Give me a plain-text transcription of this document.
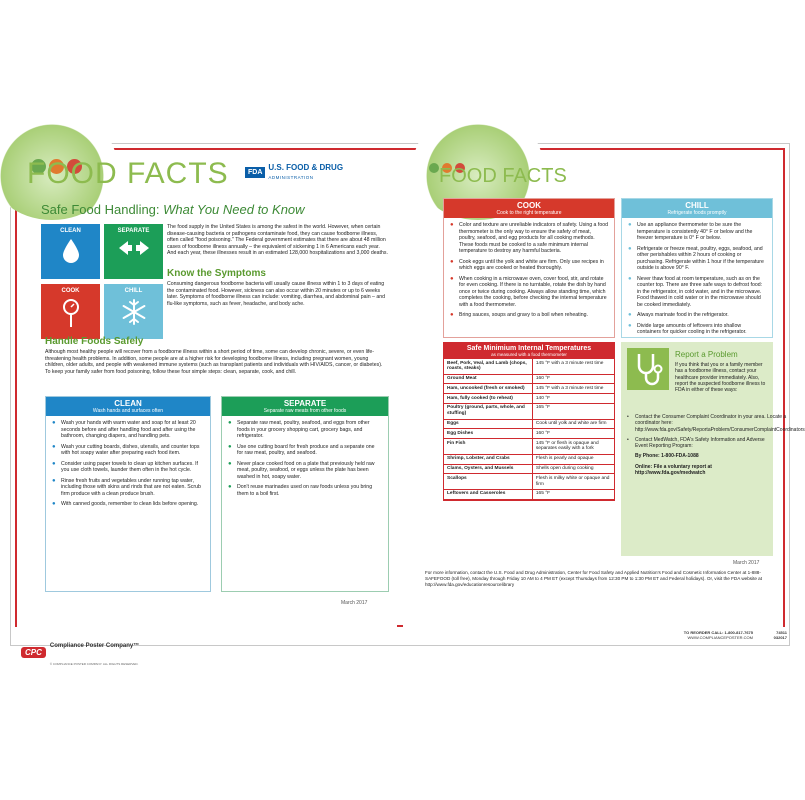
FOOD FACTS	FDA
U.S. FOOD & DRUG
ADMINISTRATION
Safe Food Handling: What You Need to Know
CLEAN	SEPARATE
COOK	CHILL
The food supply in the United States is among the safest in the world. However, when certain disease-causing bacteria or pathogens contaminate food, they can cause foodborne illness, often called "food poisoning." The Federal government estimates that there are about 48 million cases of foodborne illness annually – the equivalent of sickening 1 in 6 Americans each year. And each year, these illnesses result in an estimated 128,000 hospitalizations and 3,000 deaths.
Know the Symptoms
Consuming dangerous foodborne bacteria will usually cause illness within 1 to 3 days of eating the contaminated food. However, sickness can also occur within 20 minutes or up to 6 weeks later. Symptoms of foodborne illness can include: vomiting, diarrhea, and abdominal pain – and flu-like symptoms, such as fever, headache, and body ache.
Handle Foods Safely
Although most healthy people will recover from a foodborne illness within a short period of time, some can develop chronic, severe, or even life-threatening health problems. In addition, some people are at a higher risk for developing foodborne illness, including pregnant women, young children, older adults, and people with weakened immune systems (such as transplant patients and individuals with HIV/AIDS, cancer, or diabetes). To keep your family safer from food poisoning, follow these four simple steps: clean, separate, cook, and chill.
CLEAN
Wash hands and surfaces often
●	Wash your hands with warm water and soap for at least 20 seconds before and after handling food and after using the bathroom, changing diapers, and handling pets.
●	Wash your cutting boards, dishes, utensils, and counter tops with hot soapy water after preparing each food item.
●	Consider using paper towels to clean up kitchen surfaces. If you use cloth towels, launder them often in the hot cycle.
●	Rinse fresh fruits and vegetables under running tap water, including those with skins and rinds that are not eaten. Scrub firm produce with a clean produce brush.
●	With canned goods, remember to clean lids before opening.
SEPARATE
Separate raw meats from other foods
●	Separate raw meat, poultry, seafood, and eggs from other foods in your grocery shopping cart, grocery bags, and refrigerator.
●	Use one cutting board for fresh produce and a separate one for raw meat, poultry, and seafood.
●	Never place cooked food on a plate that previously held raw meat, poultry, seafood, or eggs unless the plate has been washed in hot, soapy water.
●	Don't reuse marinades used on raw foods unless you bring them to a boil first.
March 2017
FOOD FACTS
COOK
Cook to the right temperature
●	Color and texture are unreliable indicators of safety. Using a food thermometer is the only way to ensure the safety of meat, poultry, seafood, and egg products for all cooking methods. These foods must be cooked to a safe minimum internal temperature to destroy any harmful bacteria.
●	Cook eggs until the yolk and white are firm. Only use recipes in which eggs are cooked or heated thoroughly.
●	When cooking in a microwave oven, cover food, stir, and rotate for even cooking. If there is no turntable, rotate the dish by hand once or twice during cooking. Always allow standing time, which completes the cooking, before checking the internal temperature with a food thermometer.
●	Bring sauces, soups and gravy to a boil when reheating.
CHILL
Refrigerate foods promptly
●	Use an appliance thermometer to be sure the temperature is consistently 40° F or below and the freezer temperature is 0° F or below.
●	Refrigerate or freeze meat, poultry, eggs, seafood, and other perishables within 2 hours of cooking or purchasing. Refrigerate within 1 hour if the temperature outside is above 90° F.
●	Never thaw food at room temperature, such as on the counter top. There are three safe ways to defrost food: in the refrigerator, in cold water, and in the microwave. Food thawed in cold water or in the microwave should be cooked immediately.
●	Always marinate food in the refrigerator.
●	Divide large amounts of leftovers into shallow containers for quicker cooling in the refrigerator.
Safe Minimium Internal Temperatures
as measured with a food thermometer
Beef, Pork, Veal, and Lamb (chops, roasts, steaks)	145 °F with a 3 minute rest time
Ground Meat	160 °F
Ham, uncooked (fresh or smoked)	145 °F with a 3 minute rest time
Ham, fully cooked (to reheat)	140 °F
Poultry (ground, parts, whole, and stuffing)	165 °F
Eggs	Cook until yolk and white are firm
Egg Dishes	160 °F
Fin Fish	145 °F or flesh is opaque and separates easily with a fork
Shrimp, Lobster, and Crabs	Flesh is pearly and opaque
Clams, Oysters, and Mussels	Shells open during cooking
Scallops	Flesh is milky white or opaque and firm
Leftovers and Casseroles	165 °F
Report a Problem
If you think that you or a family member has a foodborne illness, contact your healthcare provider immediately. Also, report the suspected foodborne illness to FDA in either of these ways:
•	Contact the Consumer Complaint Coordinator in your area. Locate a coordinator here: http://www.fda.gov/Safety/ReportaProblem/ConsumerComplaintCoordinators
•	Contact MedWatch, FDA's Safety Information and Adverse Event Reporting Program:
By Phone: 1-800-FDA-1088
Online: File a voluntary report at http://www.fda.gov/medwatch
March 2017
For more information, contact the U.S. Food and Drug Administration, Center for Food Safety and Applied Nutrition's Food and Cosmetic Information Center at 1-888-SAFEFOOD (toll free), Monday through Friday 10 AM to 4 PM ET (except Thursdays from 12:30 PM to 1:30 PM ET and Federal holidays). Or, visit the FDA website at http://www.fda.gov/educationresourcelibrary
CPC
Compliance Poster Company™
© COMPLIANCE POSTER COMPANY. ALL RIGHTS RESERVED.
TO REORDER CALL: 1-800-817-7675
WWW.COMPLIANCEPOSTER.COM
74511
032017
